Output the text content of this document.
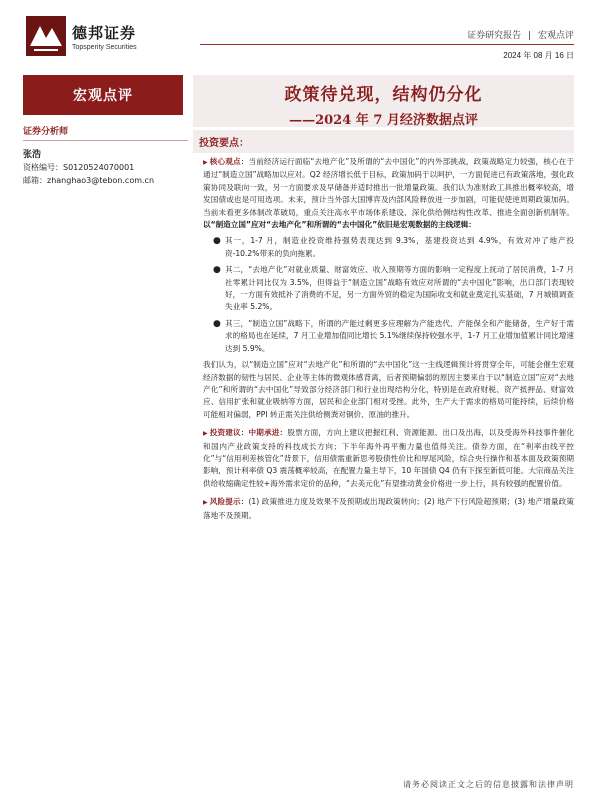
德邦证券
Topsperity Securities
证券研究报告 | 宏观点评
2024 年 08 月 16 日
宏观点评	政策待兑现，结构仍分化
——2024 年 7 月经济数据点评
证券分析师
张浩
资格编号：S0120524070001
邮箱：zhanghao3@tebon.com.cn
投资要点：

▶ 核心观点：当前经济运行面临“去地产化”及所谓的“去中国化”的内外部挑战，政策战略定力较强，核心在于通过“制造立国”战略加以应对。Q2 经济增长低于目标，政策加码于以呵护，一方面促进已有政策落地，强化政策协同及联向一致，另一方面要求及早储备并适时推出一批增量政策。我们认为准财政工具推出概率较高，增发国债或也是可用选项。未来，预计当外部大国博弈及内部风险释放进一步加剧，可能促使逆周期政策加码。当前未看更多体制改革破局，重点关注高水平市场体系建设、深化供给侧结构性改革、推进全面创新机制等。以“制造立国”应对“去地产化”和所谓的“去中国化”依旧是宏观数据的主线逻辑：

● 其一，1-7 月，制造业投资维持强势表现达到 9.3%，基建投资达到 4.9%，有效对冲了地产投资-10.2%带来的负向拖累。
● 其二，“去地产化”对就业质量、财富效应、收入预期等方面的影响一定程度上抚动了居民消费，1-7 月社零累计同比仅为 3.5%，但得益于“制造立国”战略有效应对所谓的“去中国化”影响，出口部门表现较好，一方面有效抵补了消费的不足，另一方面外贸的稳定为国际收支和就业奠定扎实基础，7 月城镇调查失业率 5.2%。
● 其三，“制造立国”战略下，所谓的产能过剩更多应理解为产能迭代、产能保全和产能储备，生产好于需求的格局也在延续，7 月工业增加值同比增长 5.1%继续保持较强水平，1-7 月工业增加值累计同比增速达到 5.9%。

我们认为，以“制造立国”应对“去地产化”和所谓的“去中国化”这一主线逻辑预计将贯穿全年，可能会催生宏观经济数据的韧性与居民、企业等主体的微观体感背离，后者预期偏弱的原因主要来自于以“制造立国”应对“去地产化”和所谓的“去中国化”导致部分经济部门和行业出现结构分化，特别是在政府财税、资产抵押品、财富效应、信用扩张和就业吸纳等方面，居民和企业部门相对受挫。此外，生产大于需求的格局可能持续，后续价格可能相对偏弱，PPI 转正需关注供给侧粪对铜价、原油的推升。

▶ 投资建议：中期承进：股票方面，方向上建议把握红利、资源能源、出口及出海，以及受海外科技事件催化和国内产业政策支持的科技成长方向；下半年海外再平衡力量也值得关注。债券方面，在“利率由线平控化”与“信用利差核管化”背景下，信用债需重新思考股债性价比和厚尾风险，综合央行操作和基本面及政策预期影响，预计利率债 Q3 震荡概率较高，在配置力量主导下，10 年国债 Q4 仍有下探至新低可能。大宗商品关注供给收缩确定性较+海外需求定价的品种，“去美元化”有望推动黄金价格进一步上行，具有较强的配置价值。

▶ 风险提示：(1) 政策推进力度及效果不及预期或出现政策转向；(2) 地产下行风险超预期；(3) 地产增量政策落地不及预期。

请务必阅读正文之后的信息披露和法律声明
